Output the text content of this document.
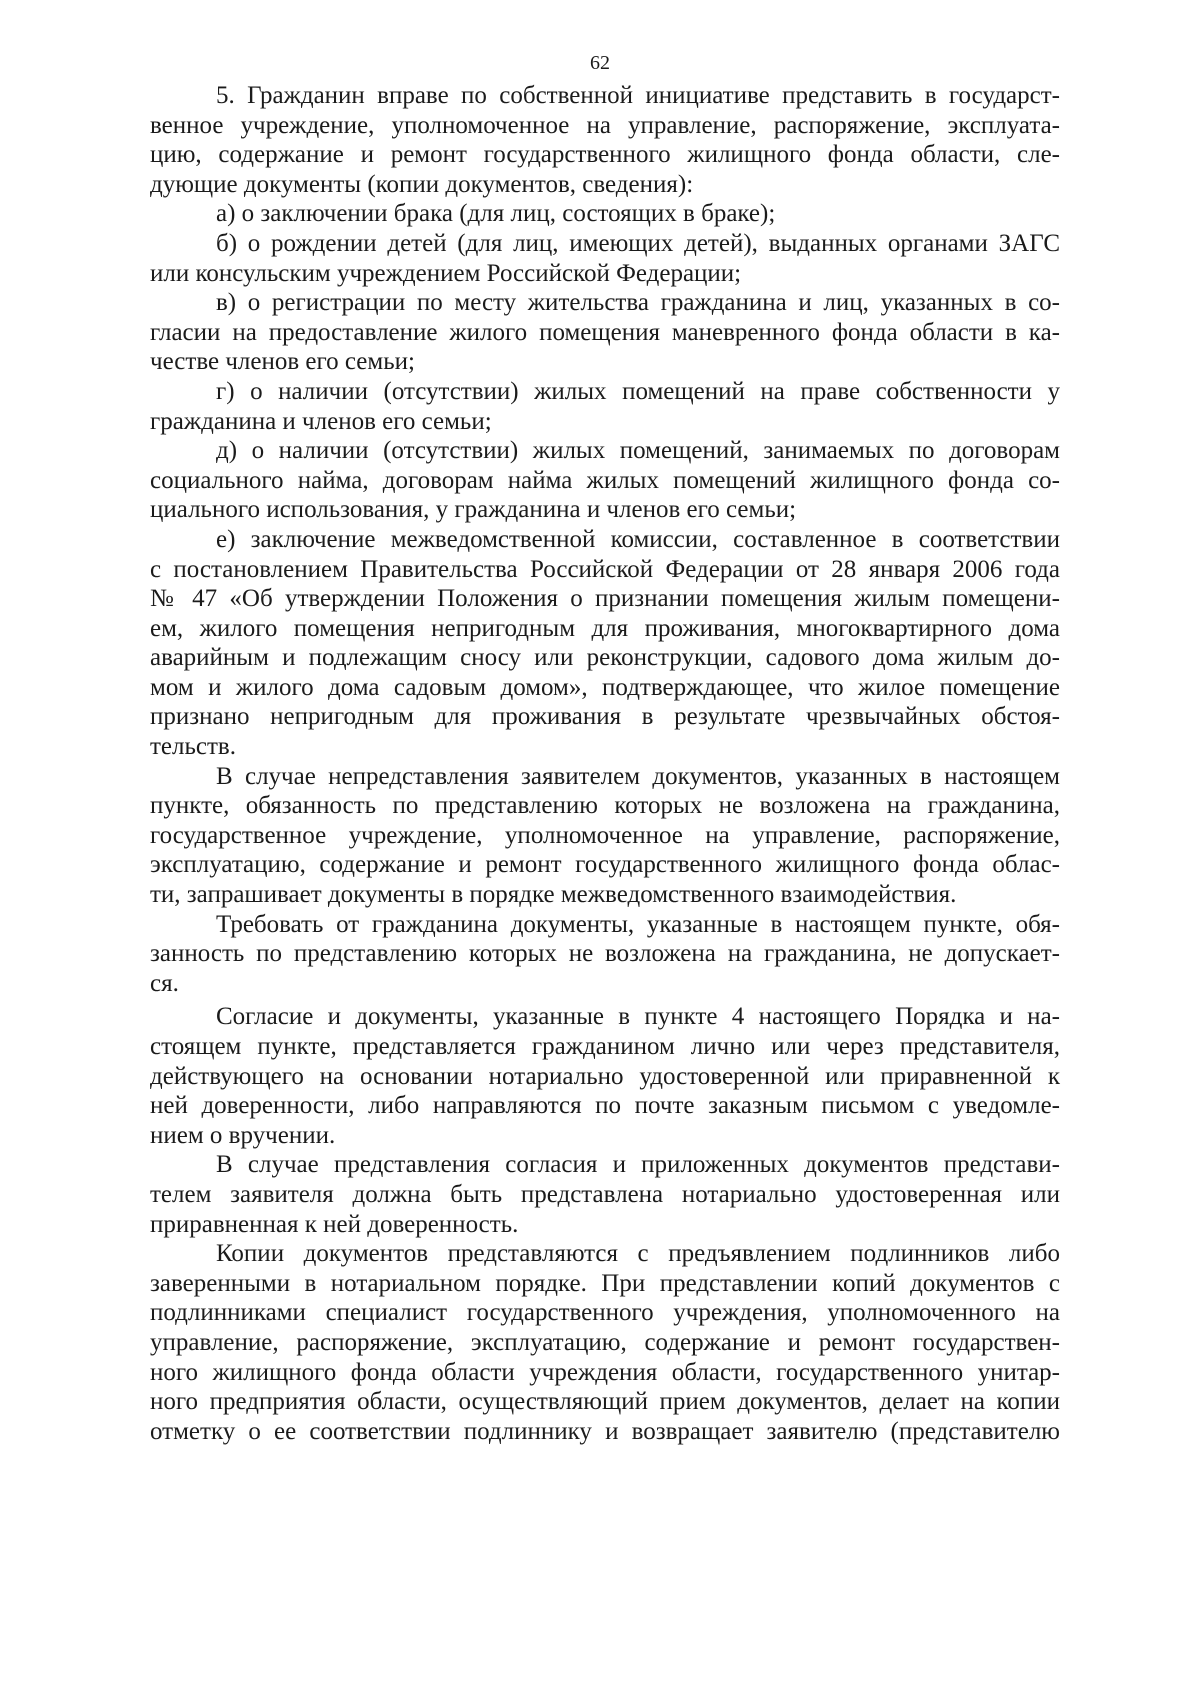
62
5. Гражданин вправе по собственной инициативе представить в государст-
венное учреждение, уполномоченное на управление, распоряжение, эксплуата-
цию, содержание и ремонт государственного жилищного фонда области, сле-
дующие документы (копии документов, сведения):
а) о заключении брака (для лиц, состоящих в браке);
б) о рождении детей (для лиц, имеющих детей), выданных органами ЗАГС
или консульским учреждением Российской Федерации;
в) о регистрации по месту жительства гражданина и лиц, указанных в со-
гласии на предоставление жилого помещения маневренного фонда области в ка-
честве членов его семьи;
г) о наличии (отсутствии) жилых помещений на праве собственности у
гражданина и членов его семьи;
д) о наличии (отсутствии) жилых помещений, занимаемых по договорам
социального найма, договорам найма жилых помещений жилищного фонда со-
циального использования, у гражданина и членов его семьи;
е) заключение межведомственной комиссии, составленное в соответствии
с постановлением Правительства Российской Федерации от 28 января 2006 года
№ 47 «Об утверждении Положения о признании помещения жилым помещени-
ем, жилого помещения непригодным для проживания, многоквартирного дома
аварийным и подлежащим сносу или реконструкции, садового дома жилым до-
мом и жилого дома садовым домом», подтверждающее, что жилое помещение
признано непригодным для проживания в результате чрезвычайных обстоя-
тельств.
В случае непредставления заявителем документов, указанных в настоящем
пункте, обязанность по представлению которых не возложена на гражданина,
государственное учреждение, уполномоченное на управление, распоряжение,
эксплуатацию, содержание и ремонт государственного жилищного фонда облас-
ти, запрашивает документы в порядке межведомственного взаимодействия.
Требовать от гражданина документы, указанные в настоящем пункте, обя-
занность по представлению которых не возложена на гражданина, не допускает-
ся.
Согласие и документы, указанные в пункте 4 настоящего Порядка и на-
стоящем пункте, представляется гражданином лично или через представителя,
действующего на основании нотариально удостоверенной или приравненной к
ней доверенности, либо направляются по почте заказным письмом с уведомле-
нием о вручении.
В случае представления согласия и приложенных документов представи-
телем заявителя должна быть представлена нотариально удостоверенная или
приравненная к ней доверенность.
Копии документов представляются с предъявлением подлинников либо
заверенными в нотариальном порядке. При представлении копий документов с
подлинниками специалист государственного учреждения, уполномоченного на
управление, распоряжение, эксплуатацию, содержание и ремонт государствен-
ного жилищного фонда области учреждения области, государственного унитар-
ного предприятия области, осуществляющий прием документов, делает на копии
отметку о ее соответствии подлиннику и возвращает заявителю (представителю
